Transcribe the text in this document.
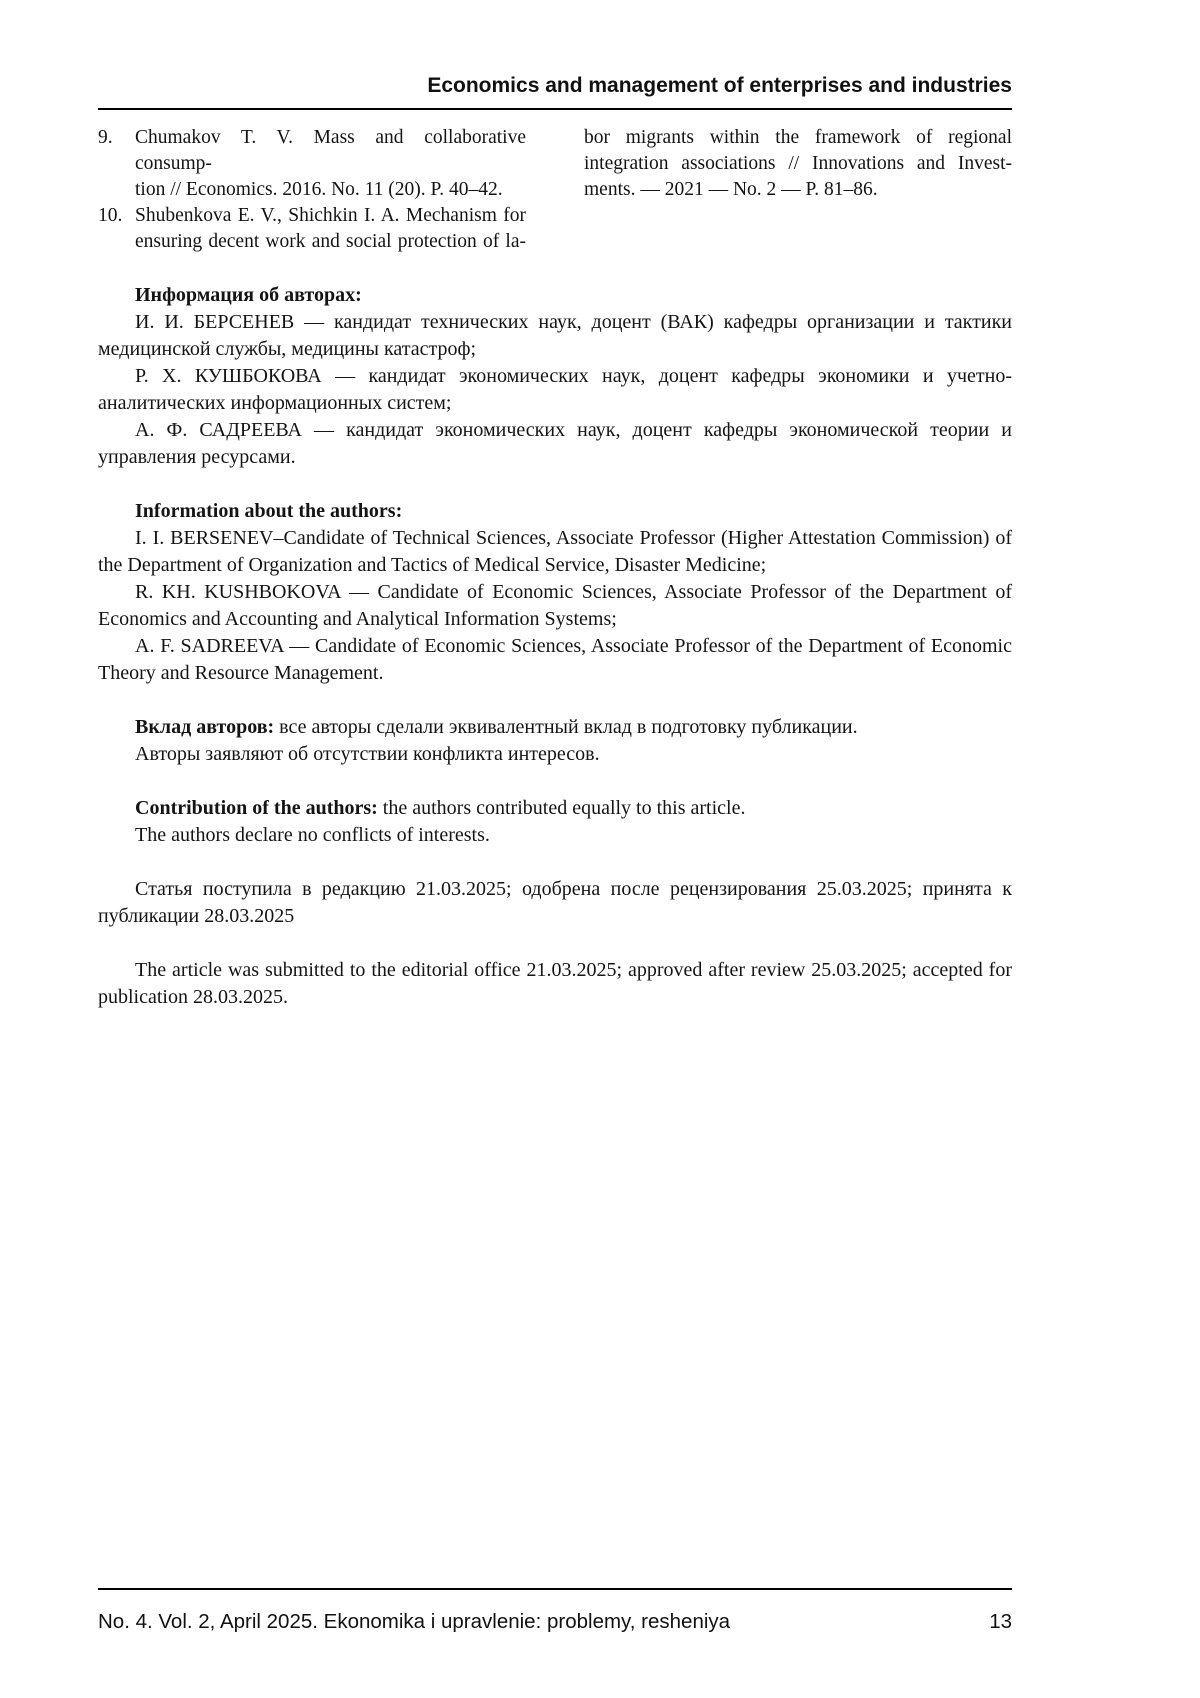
Economics and management of enterprises and industries
9. Chumakov T. V. Mass and collaborative consump-
tion // Economics. 2016. No. 11 (20). P. 40–42.
10. Shubenkova E. V., Shichkin I. A. Mechanism for
ensuring decent work and social protection of la-
bor migrants within the framework of regional
integration associations // Innovations and Invest-
ments. — 2021 — No. 2 — P. 81–86.

Информация об авторах:

И. И. БЕРСЕНЕВ — кандидат технических наук, доцент (ВАК) кафедры организации и тактики медицинской службы, медицины катастроф;

Р. Х. КУШБОКОВА — кандидат экономических наук, доцент кафедры экономики и учетно-аналитических информационных систем;

А. Ф. САДРЕЕВА — кандидат экономических наук, доцент кафедры экономической теории и управления ресурсами.

Information about the authors:

I. I. BERSENEV–Candidate of Technical Sciences, Associate Professor (Higher Attestation Commission) of the Department of Organization and Tactics of Medical Service, Disaster Medicine;

R. KH. KUSHBOKOVA — Candidate of Economic Sciences, Associate Professor of the Department of Economics and Accounting and Analytical Information Systems;

A. F. SADREEVA — Candidate of Economic Sciences, Associate Professor of the Department of Economic Theory and Resource Management.

Вклад авторов: все авторы сделали эквивалентный вклад в подготовку публикации.

Авторы заявляют об отсутствии конфликта интересов.

Contribution of the authors: the authors contributed equally to this article.

The authors declare no conflicts of interests.

Статья поступила в редакцию 21.03.2025; одобрена после рецензирования 25.03.2025; принята к публикации 28.03.2025

The article was submitted to the editorial office 21.03.2025; approved after review 25.03.2025; accepted for publication 28.03.2025.

No. 4. Vol. 2, April 2025. Ekonomika i upravlenie: problemy, resheniya	13
